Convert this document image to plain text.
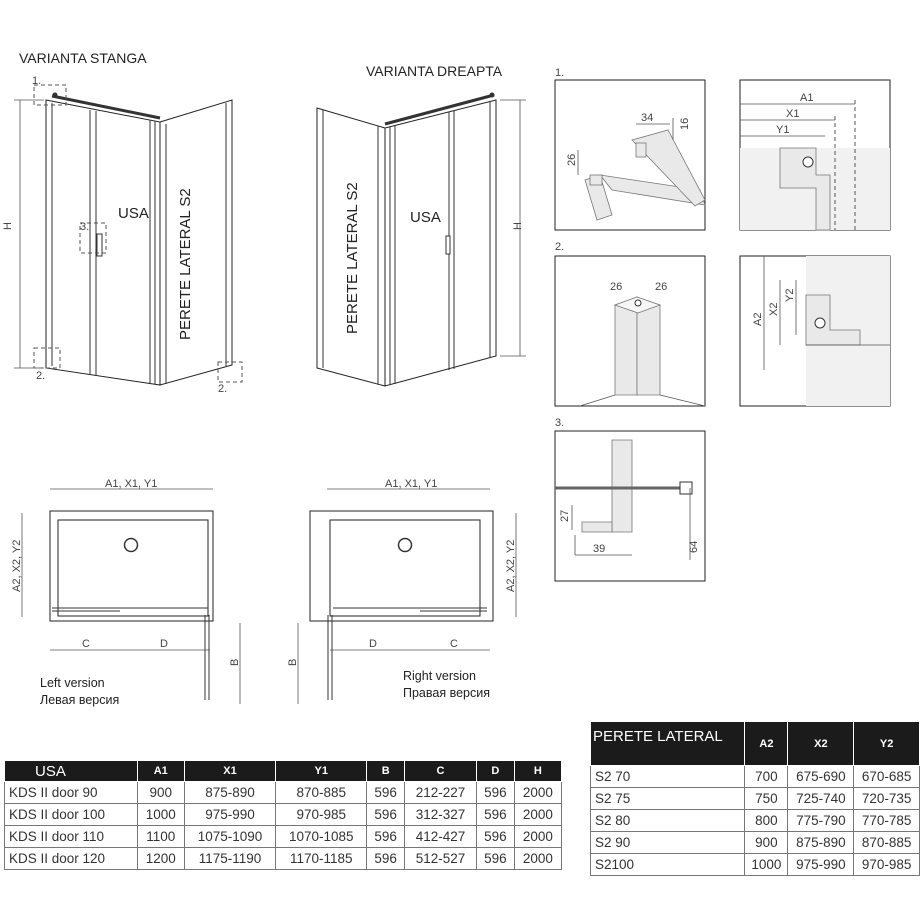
VARIANTA STANGA
H
USA PERETE LATERAL S2
1.
3.
2.
2.
VARIANTA DREAPTA
PERETE LATERAL S2	USA
H
1.
34 16
26
A1
X1
Y1
2.
26	26
A2
X2
Y2
3.
39
27
64
A1, X1, Y1
A2, X2, Y2
C	D
B
Left version
Левая версия
A1, X1, Y1
A2, X2, Y2
D	C
B
Right version
Правая версия
USA	A1	X1	Y1	B	C	D	H
KDS II door 90	900	875-890	870-885	596	212-227	596	2000
KDS II door 100	1000	975-990	970-985	596	312-327	596	2000
KDS II door 110	1100	1075-1090	1070-1085	596	412-427	596	2000
KDS II door 120	1200	1175-1190	1170-1185	596	512-527	596	2000
PERETE LATERAL	A2	X2	Y2
S2 70	700	675-690	670-685
S2 75	750	725-740	720-735
S2 80	800	775-790	770-785
S2 90	900	875-890	870-885
S2100	1000	975-990	970-985
